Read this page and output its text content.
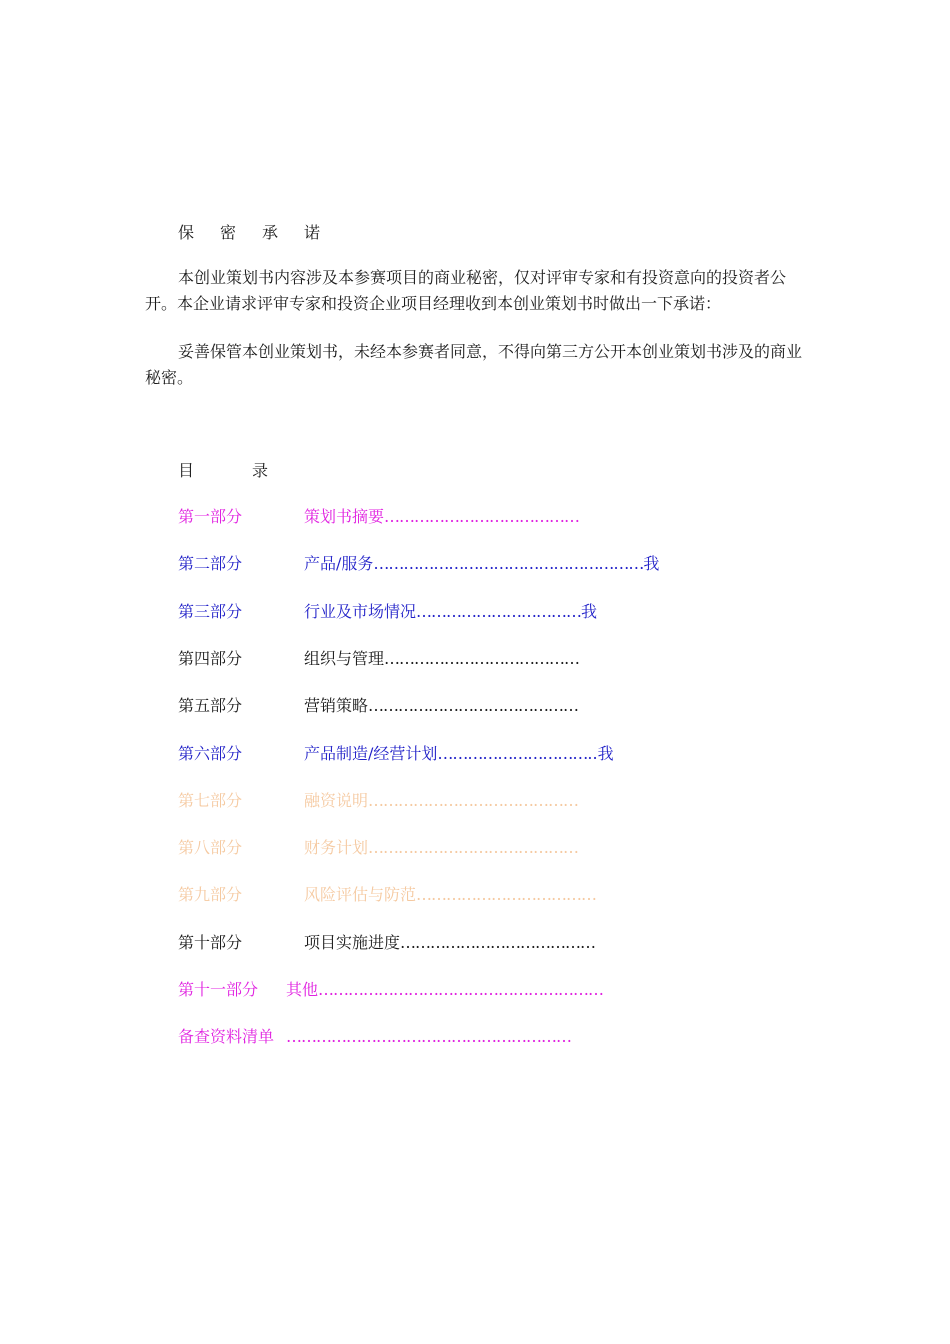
保 密 承 诺

本创业策划书内容涉及本参赛项目的商业秘密，仅对评审专家和有投资意向的投资者公开。本企业请求评审专家和投资企业项目经理收到本创业策划书时做出一下承诺：

妥善保管本创业策划书，未经本参赛者同意，不得向第三方公开本创业策划书涉及的商业秘密。

目	录
第一部分	策划书摘要…………………………………
第二部分	产品/服务………………………………………………我
第三部分	行业及市场情况……………………………我
第四部分	组织与管理…………………………………
第五部分	营销策略……………………………………
第六部分	产品制造/经营计划…………………………..我
第七部分	融资说明……………………………………
第八部分	财务计划……………………………………
第九部分	风险评估与防范………………………………
第十部分	项目实施进度…………………………………
第十一部分 其他…………………………………………………
备查资料清单 …………………………………………………
